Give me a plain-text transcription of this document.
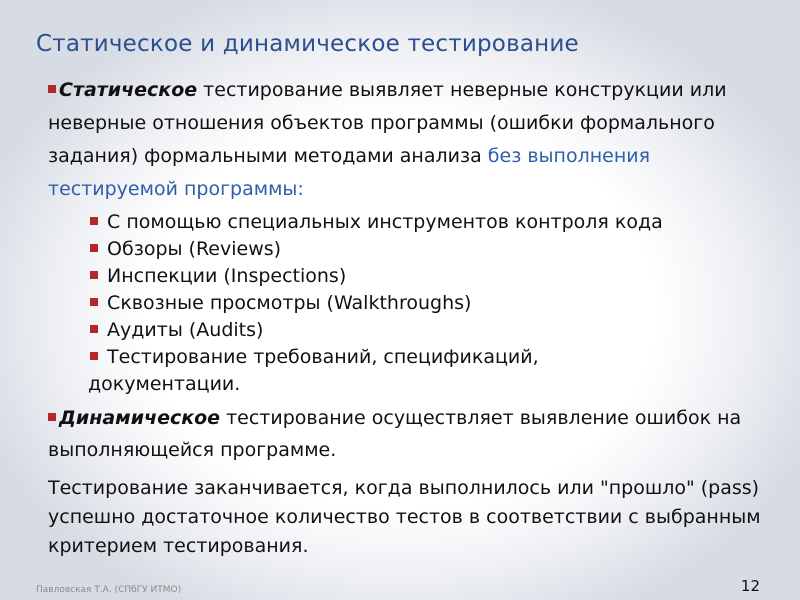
Статическое и динамическое тестирование

Статическое тестирование выявляет неверные конструкции или неверные отношения объектов программы (ошибки формального задания) формальными методами анализа без выполнения тестируемой программы:

С помощью специальных инструментов контроля кода
Обзоры (Reviews)
Инспекции (Inspections)
Сквозные просмотры (Walkthroughs)
Аудиты (Audits)
Тестирование требований, спецификаций,
документации.

Динамическое тестирование осуществляет выявление ошибок на выполняющейся программе.

Тестирование заканчивается, когда выполнилось или "прошло" (pass) успешно достаточное количество тестов в соответствии с выбранным критерием тестирования.

Павловская Т.А. (СПбГУ ИТМО)	12
